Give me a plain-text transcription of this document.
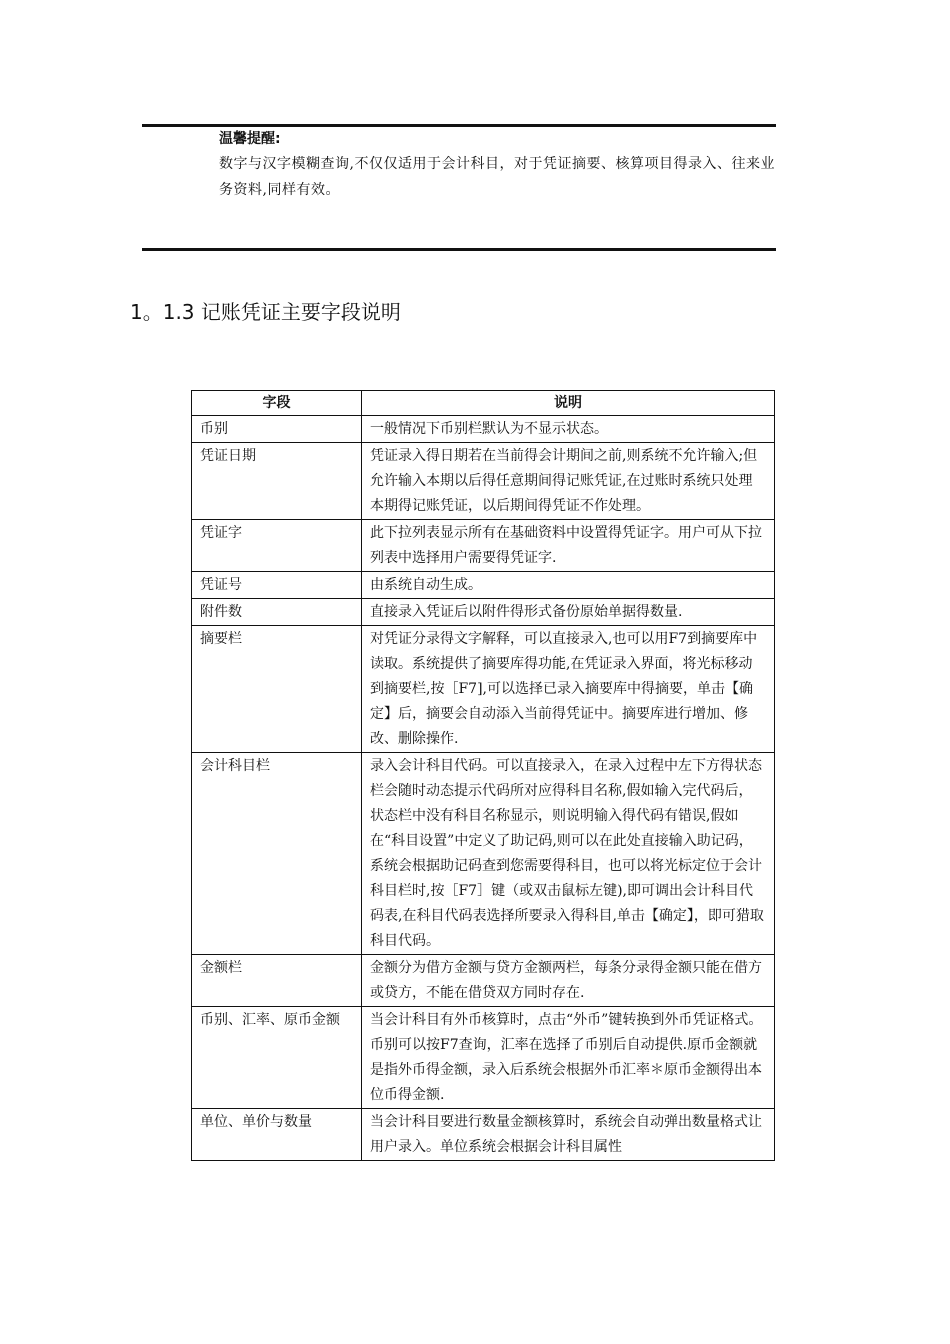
温馨提醒:
数字与汉字模糊查询,不仅仅适用于会计科目，对于凭证摘要、核算项目得录入、往来业务资料,同样有效。
1。1.3 记账凭证主要字段说明
字段	说明
币别	一般情况下币别栏默认为不显示状态。
凭证日期	凭证录入得日期若在当前得会计期间之前,则系统不允许输入;但允许输入本期以后得任意期间得记账凭证,在过账时系统只处理本期得记账凭证，以后期间得凭证不作处理。
凭证字	此下拉列表显示所有在基础资料中设置得凭证字。用户可从下拉列表中选择用户需要得凭证字.
凭证号	由系统自动生成。
附件数	直接录入凭证后以附件得形式备份原始单据得数量.
摘要栏	对凭证分录得文字解释，可以直接录入,也可以用F7到摘要库中读取。系统提供了摘要库得功能,在凭证录入界面，将光标移动到摘要栏,按［F7],可以选择已录入摘要库中得摘要，单击【确定】后，摘要会自动添入当前得凭证中。摘要库进行增加、修改、删除操作.
会计科目栏	录入会计科目代码。可以直接录入，在录入过程中左下方得状态栏会随时动态提示代码所对应得科目名称,假如输入完代码后，状态栏中没有科目名称显示，则说明输入得代码有错误,假如在“科目设置”中定义了助记码,则可以在此处直接输入助记码，系统会根据助记码查到您需要得科目，也可以将光标定位于会计科目栏时,按［F7］键（或双击鼠标左键),即可调出会计科目代码表,在科目代码表选择所要录入得科目,单击【确定】，即可猎取科目代码。
金额栏	金额分为借方金额与贷方金额两栏，每条分录得金额只能在借方或贷方，不能在借贷双方同时存在.
币别、汇率、原币金额	当会计科目有外币核算时，点击“外币”键转换到外币凭证格式。币别可以按F7查询，汇率在选择了币别后自动提供.原币金额就是指外币得金额，录入后系统会根据外币汇率＊原币金额得出本位币得金额.
单位、单价与数量	当会计科目要进行数量金额核算时，系统会自动弹出数量格式让用户录入。单位系统会根据会计科目属性
